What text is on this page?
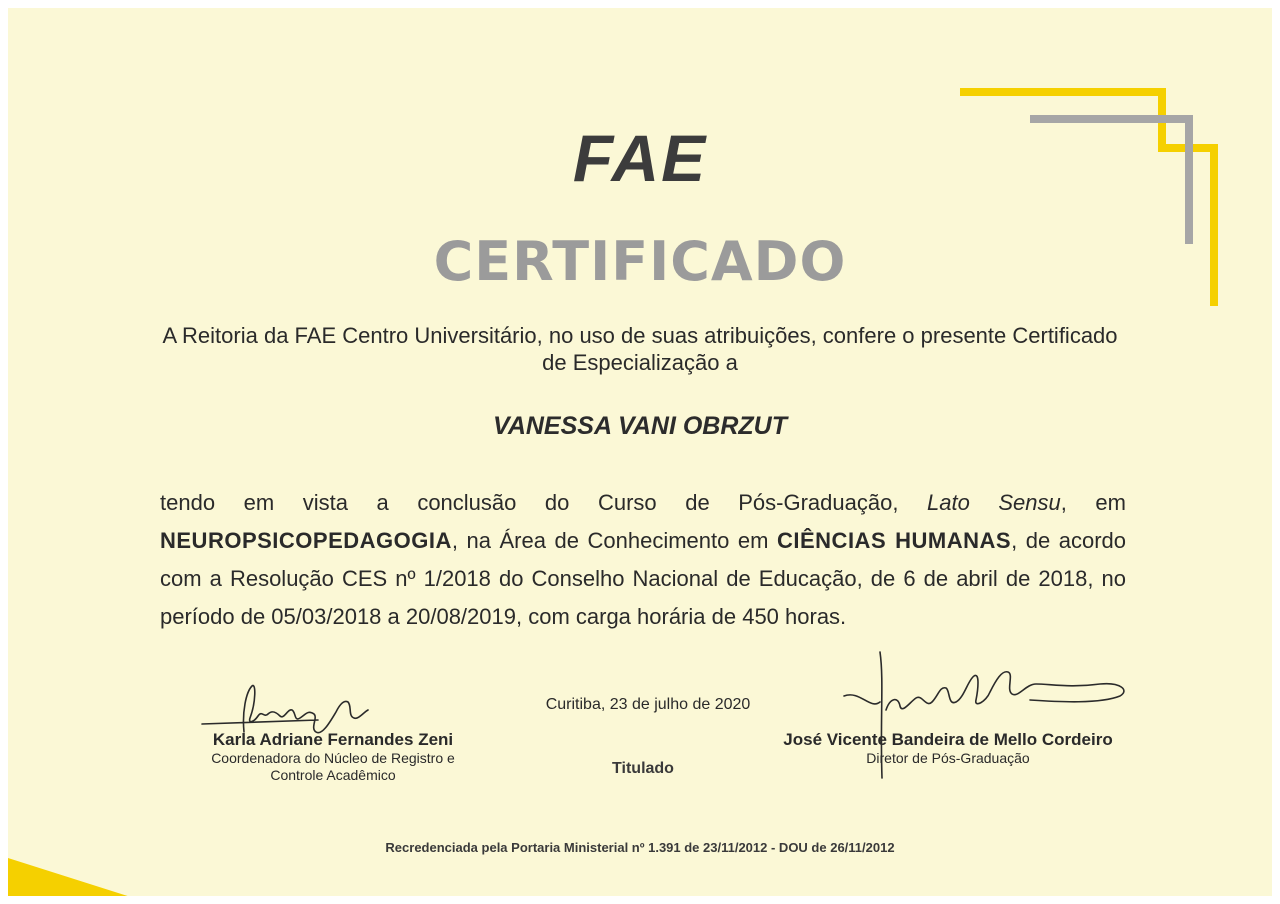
FAE
CERTIFICADO
A Reitoria da FAE Centro Universitário, no uso de suas atribuições, confere o presente Certificado de Especialização a
VANESSA VANI OBRZUT
tendo em vista a conclusão do Curso de Pós-Graduação, Lato Sensu, em NEUROPSICOPEDAGOGIA, na Área de Conhecimento em CIÊNCIAS HUMANAS, de acordo com a Resolução CES nº 1/2018 do Conselho Nacional de Educação, de 6 de abril de 2018, no período de 05/03/2018 a 20/08/2019, com carga horária de 450 horas.
Karla Adriane Fernandes Zeni
Coordenadora do Núcleo de Registro e
Controle Acadêmico
Curitiba, 23 de julho de 2020
Titulado
José Vicente Bandeira de Mello Cordeiro
Diretor de Pós-Graduação
Recredenciada pela Portaria Ministerial nº 1.391 de 23/11/2012 - DOU de 26/11/2012
